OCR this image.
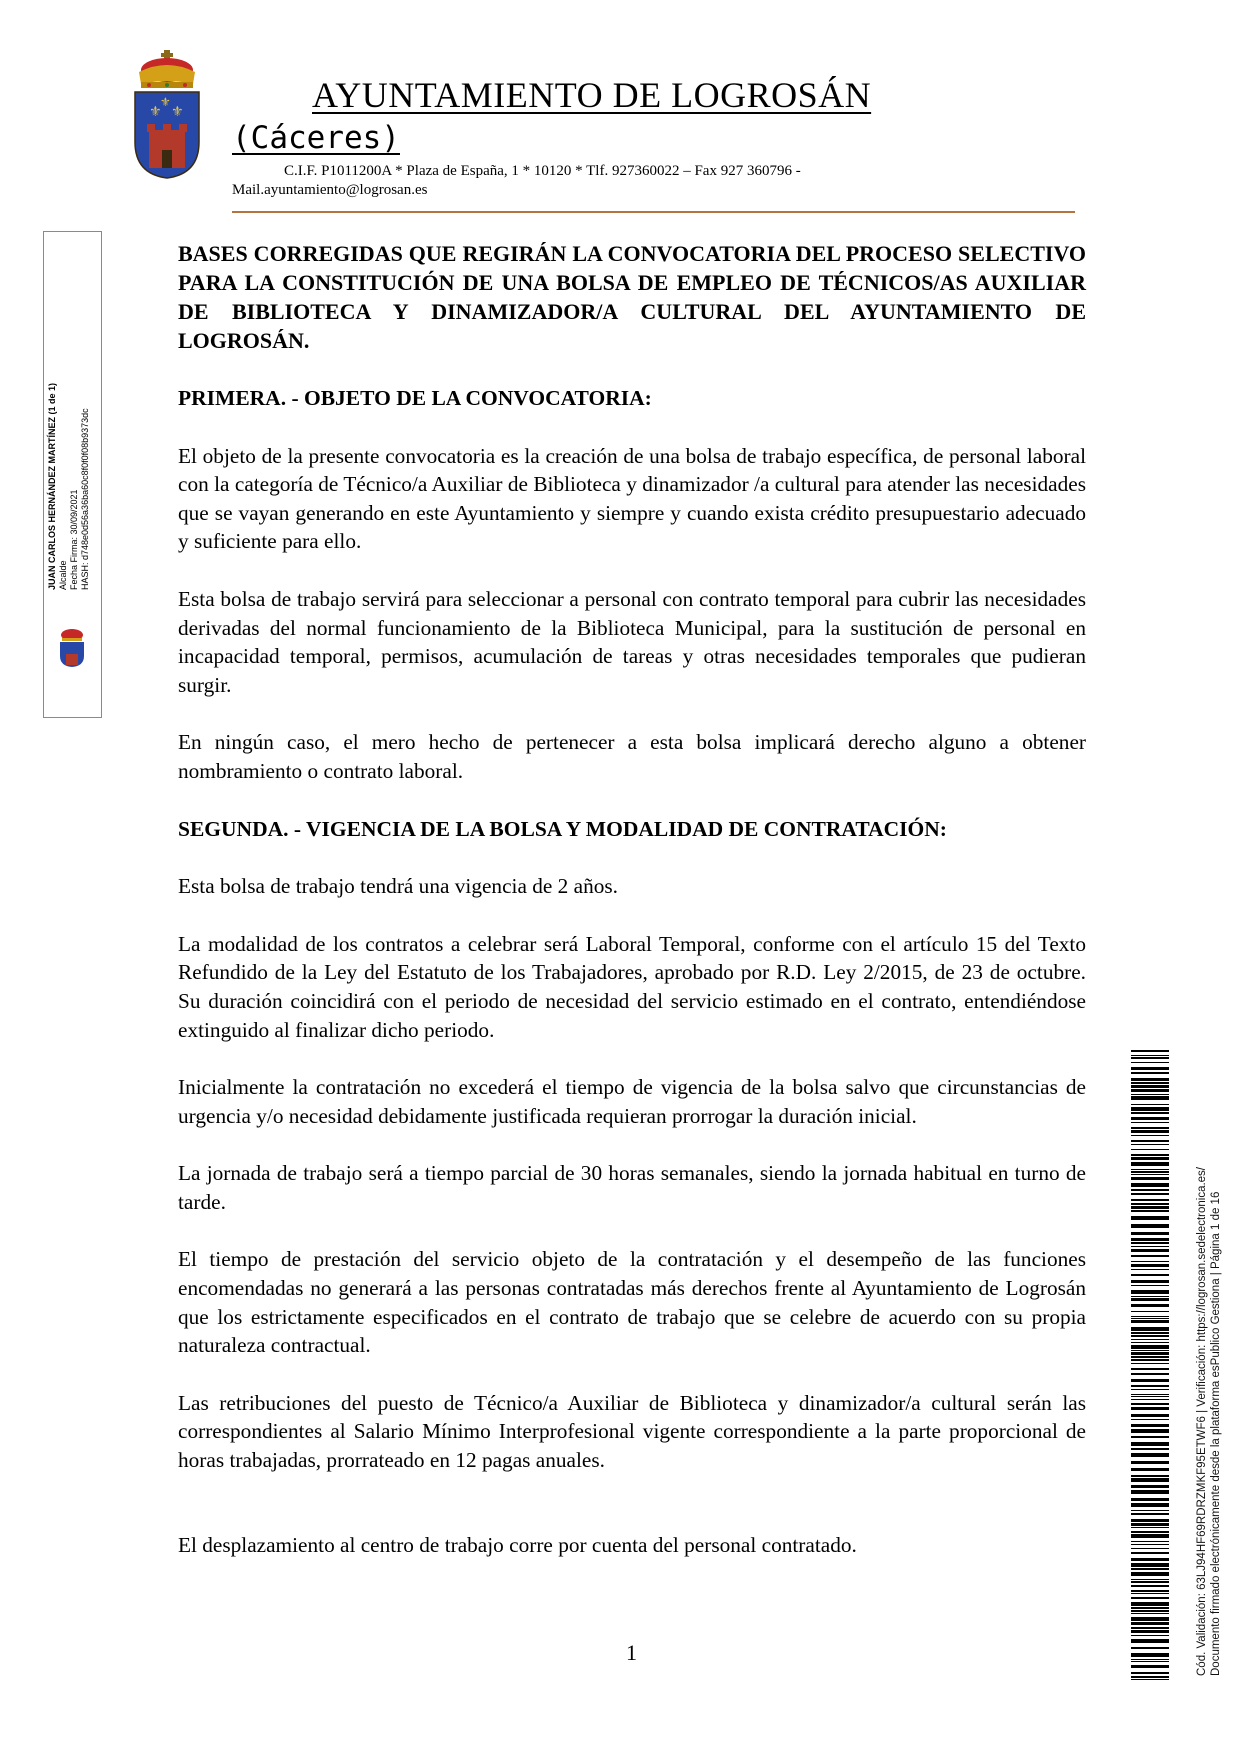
⚜ ⚜
⚜	AYUNTAMIENTO DE LOGROSÁN
(Cáceres)
C.I.F. P1011200A * Plaza de España, 1 * 10120 * Tlf. 927360022 – Fax 927 360796 -
Mail.ayuntamiento@logrosan.es
JUAN CARLOS HERNÁNDEZ MARTÍNEZ (1 de 1) Alcalde Fecha Firma: 30/09/2021 HASH: d748e0d56a36ba60c8f0f0f08b9373dc
Cód. Validación: 63LJ94HF69RDRZMKF95ETWF6 | Verificación: https://logrosan.sedelectronica.es/ Documento firmado electrónicamente desde la plataforma esPublico Gestiona | Página 1 de 16
BASES CORREGIDAS QUE REGIRÁN LA CONVOCATORIA DEL PROCESO SELECTIVO PARA LA CONSTITUCIÓN DE UNA BOLSA DE EMPLEO DE TÉCNICOS/AS AUXILIAR DE BIBLIOTECA Y DINAMIZADOR/A CULTURAL DEL AYUNTAMIENTO DE LOGROSÁN.
PRIMERA. - OBJETO DE LA CONVOCATORIA:

El objeto de la presente convocatoria es la creación de una bolsa de trabajo específica, de personal laboral con la categoría de Técnico/a Auxiliar de Biblioteca y dinamizador /a cultural para atender las necesidades que se vayan generando en este Ayuntamiento y siempre y cuando exista crédito presupuestario adecuado y suficiente para ello.

Esta bolsa de trabajo servirá para seleccionar a personal con contrato temporal para cubrir las necesidades derivadas del normal funcionamiento de la Biblioteca Municipal, para la sustitución de personal en incapacidad temporal, permisos, acumulación de tareas y otras necesidades temporales que pudieran surgir.

En ningún caso, el mero hecho de pertenecer a esta bolsa implicará derecho alguno a obtener nombramiento o contrato laboral.

SEGUNDA. - VIGENCIA DE LA BOLSA Y MODALIDAD DE CONTRATACIÓN:

Esta bolsa de trabajo tendrá una vigencia de 2 años.

La modalidad de los contratos a celebrar será Laboral Temporal, conforme con el artículo 15 del Texto Refundido de la Ley del Estatuto de los Trabajadores, aprobado por R.D. Ley 2/2015, de 23 de octubre. Su duración coincidirá con el periodo de necesidad del servicio estimado en el contrato, entendiéndose extinguido al finalizar dicho periodo.

Inicialmente la contratación no excederá el tiempo de vigencia de la bolsa salvo que circunstancias de urgencia y/o necesidad debidamente justificada requieran prorrogar la duración inicial.

La jornada de trabajo será a tiempo parcial de 30 horas semanales, siendo la jornada habitual en turno de tarde.

El tiempo de prestación del servicio objeto de la contratación y el desempeño de las funciones encomendadas no generará a las personas contratadas más derechos frente al Ayuntamiento de Logrosán que los estrictamente especificados en el contrato de trabajo que se celebre de acuerdo con su propia naturaleza contractual.

Las retribuciones del puesto de Técnico/a Auxiliar de Biblioteca y dinamizador/a cultural serán las correspondientes al Salario Mínimo Interprofesional vigente correspondiente a la parte proporcional de horas trabajadas, prorrateado en 12 pagas anuales.

El desplazamiento al centro de trabajo corre por cuenta del personal contratado.

1
